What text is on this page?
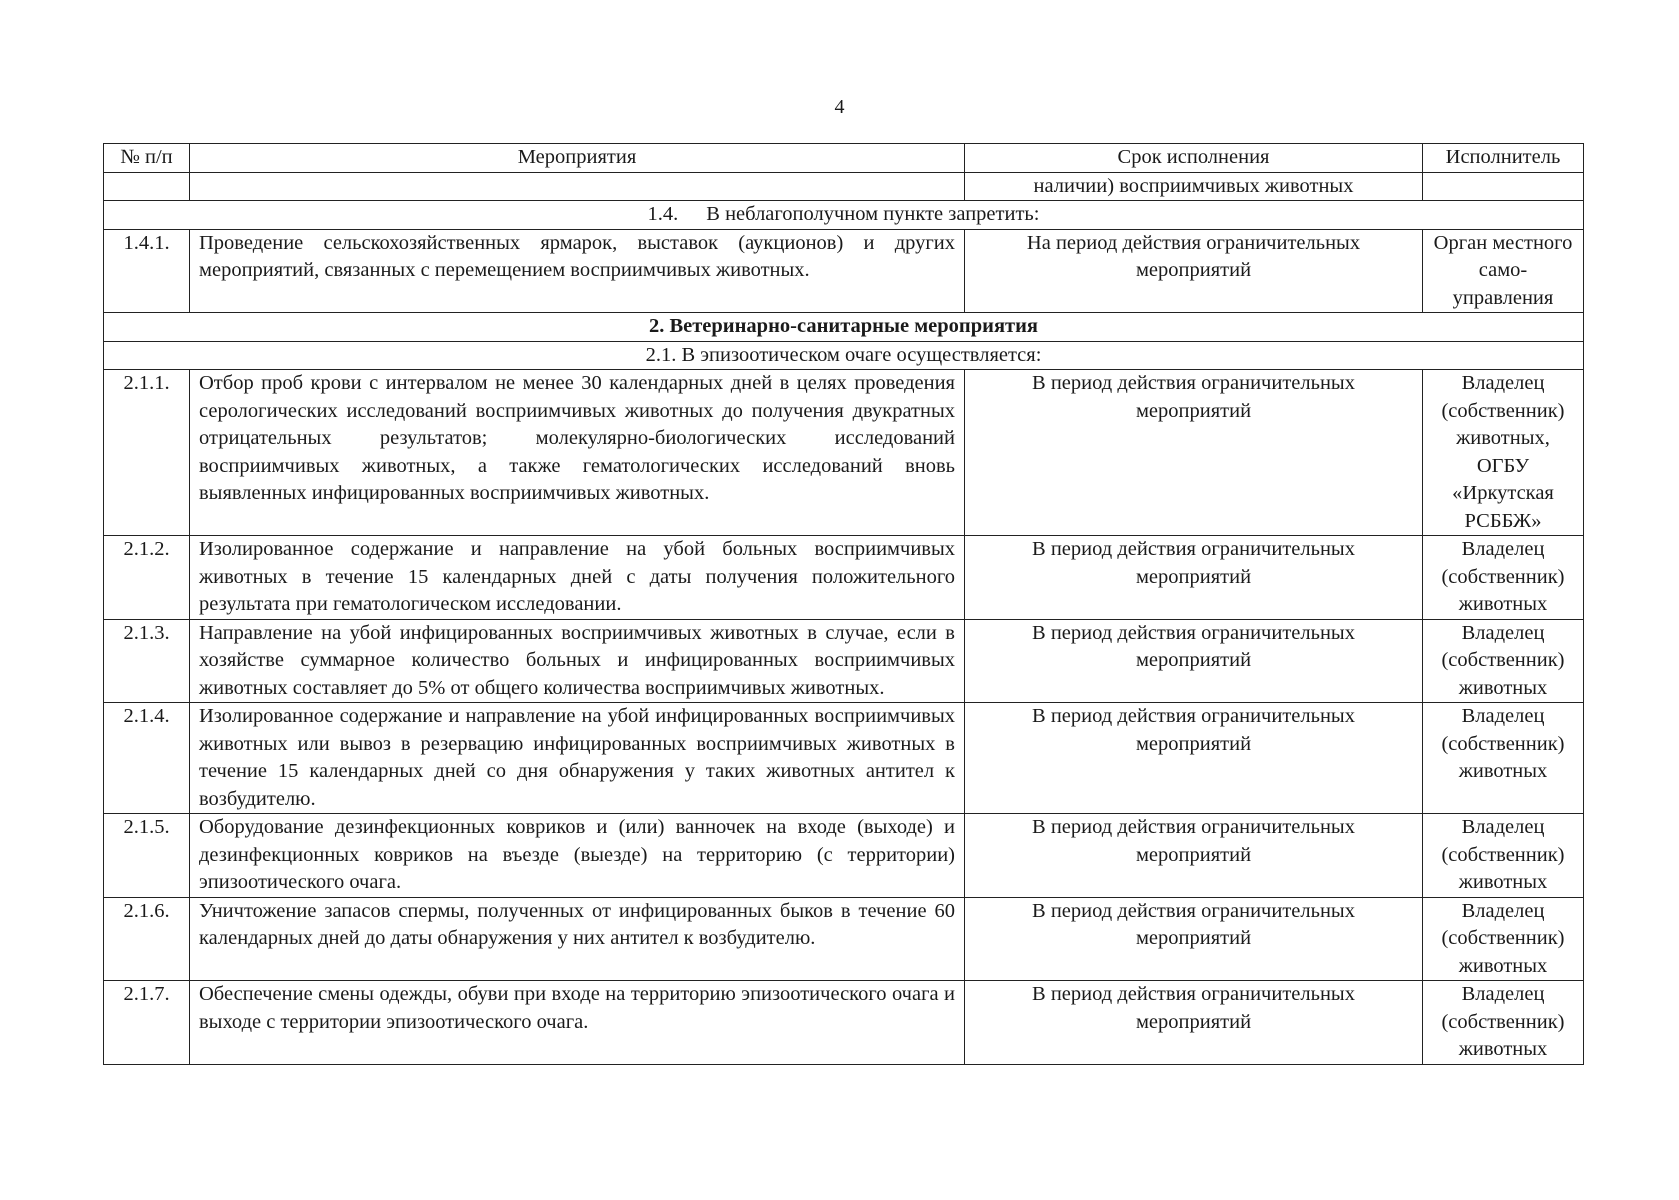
4
№ п/п	Мероприятия	Срок исполнения	Исполнитель
		наличии) восприимчивых животных	
1.4. В неблагополучном пункте запретить:			
1.4.1.	Проведение сельскохозяйственных ярмарок, выставок (аукционов) и других мероприятий, связанных с перемещением восприимчивых животных.	На период действия ограничительных мероприятий	Орган местного само-управления
2. Ветеринарно-санитарные мероприятия			
2.1. В эпизоотическом очаге осуществляется:			
2.1.1.	Отбор проб крови с интервалом не менее 30 календарных дней в целях проведения серологических исследований восприимчивых животных до получения двукратных отрицательных результатов; молекулярно-биологических исследований восприимчивых животных, а также гематологических исследований вновь выявленных инфицированных восприимчивых животных.	В период действия ограничительных мероприятий	Владелец (собственник) животных, ОГБУ «Иркутская РСББЖ»
2.1.2.	Изолированное содержание и направление на убой больных восприимчивых животных в течение 15 календарных дней с даты получения положительного результата при гематологическом исследовании.	В период действия ограничительных мероприятий	Владелец (собственник) животных
2.1.3.	Направление на убой инфицированных восприимчивых животных в случае, если в хозяйстве суммарное количество больных и инфицированных восприимчивых животных составляет до 5% от общего количества восприимчивых животных.	В период действия ограничительных мероприятий	Владелец (собственник) животных
2.1.4.	Изолированное содержание и направление на убой инфицированных восприимчивых животных или вывоз в резервацию инфицированных восприимчивых животных в течение 15 календарных дней со дня обнаружения у таких животных антител к возбудителю.	В период действия ограничительных мероприятий	Владелец (собственник) животных
2.1.5.	Оборудование дезинфекционных ковриков и (или) ванночек на входе (выходе) и дезинфекционных ковриков на въезде (выезде) на территорию (с территории) эпизоотического очага.	В период действия ограничительных мероприятий	Владелец (собственник) животных
2.1.6.	Уничтожение запасов спермы, полученных от инфицированных быков в течение 60 календарных дней до даты обнаружения у них антител к возбудителю.	В период действия ограничительных мероприятий	Владелец (собственник) животных
2.1.7.	Обеспечение смены одежды, обуви при входе на территорию эпизоотического очага и выходе с территории эпизоотического очага.	В период действия ограничительных мероприятий	Владелец (собственник) животных
